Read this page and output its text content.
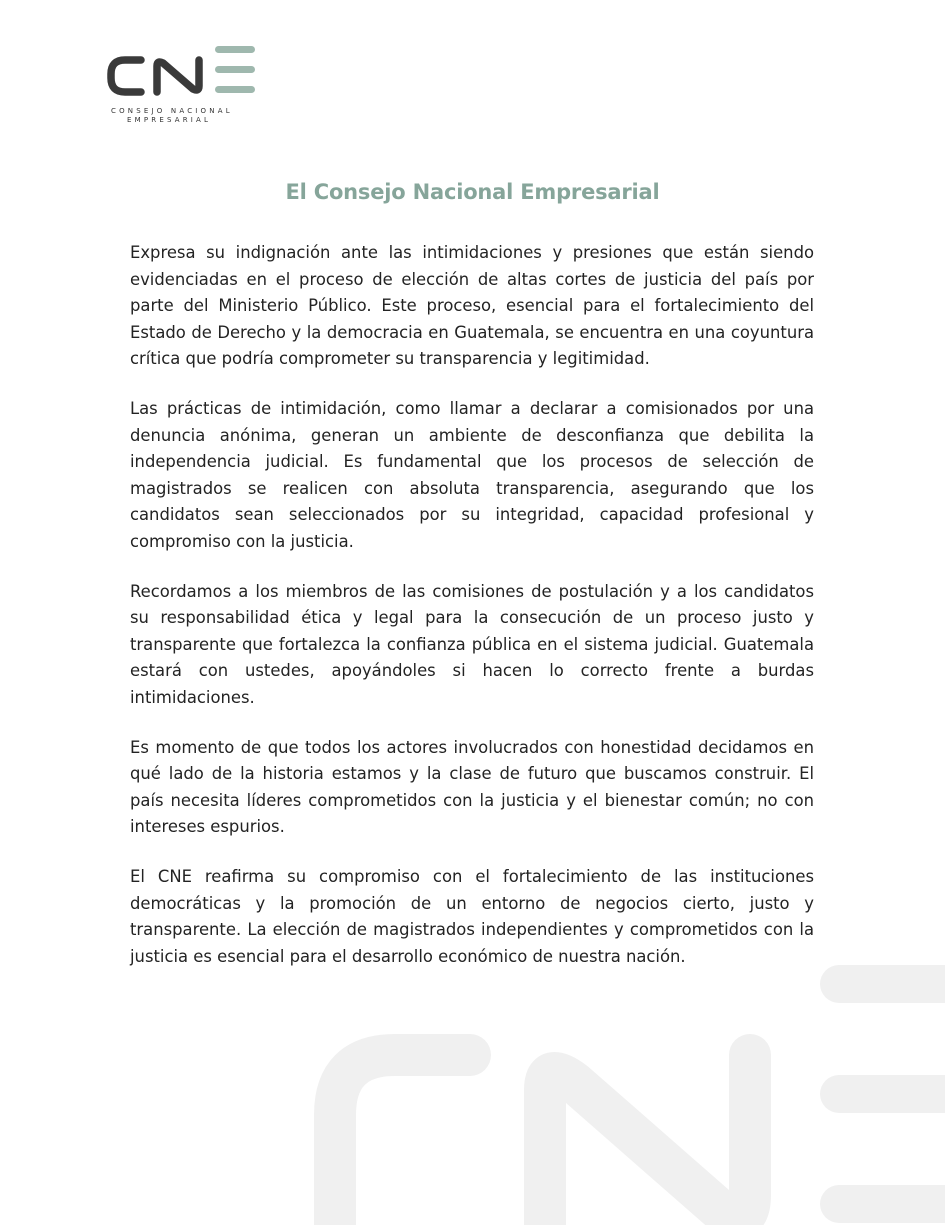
CONSEJO NACIONAL
EMPRESARIAL
El Consejo Nacional Empresarial

Expresa su indignación ante las intimidaciones y presiones que están siendo evidenciadas en el proceso de elección de altas cortes de justicia del país por parte del Ministerio Público. Este proceso, esencial para el fortalecimiento del Estado de Derecho y la democracia en Guatemala, se encuentra en una coyuntura crítica que podría comprometer su transparencia y legitimidad.

Las prácticas de intimidación, como llamar a declarar a comisionados por una denuncia anónima, generan un ambiente de desconfianza que debilita la independencia judicial. Es fundamental que los procesos de selección de magistrados se realicen con absoluta transparencia, asegurando que los candidatos sean seleccionados por su integridad, capacidad profesional y compromiso con la justicia.

Recordamos a los miembros de las comisiones de postulación y a los candidatos su responsabilidad ética y legal para la consecución de un proceso justo y transparente que fortalezca la confianza pública en el sistema judicial. Guatemala estará con ustedes, apoyándoles si hacen lo correcto frente a burdas intimidaciones.

Es momento de que todos los actores involucrados con honestidad decidamos en qué lado de la historia estamos y la clase de futuro que buscamos construir. El país necesita líderes comprometidos con la justicia y el bienestar común; no con intereses espurios.

El CNE reafirma su compromiso con el fortalecimiento de las instituciones democráticas y la promoción de un entorno de negocios cierto, justo y transparente. La elección de magistrados independientes y comprometidos con la justicia es esencial para el desarrollo económico de nuestra nación.
